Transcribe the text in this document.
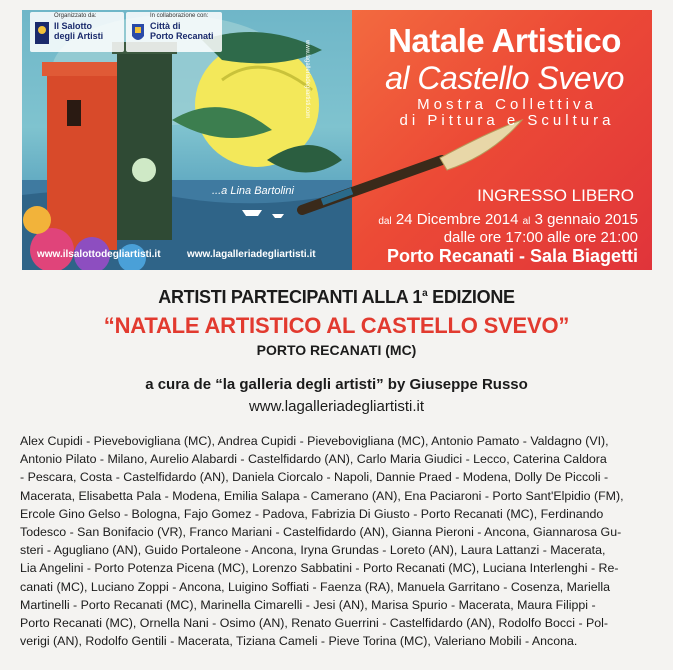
Organizzato da:
Il Salotto
degli Artisti
In collaborazione con:
Città di
Porto Recanati
www.lagalleriadegliartisti.com
...a Lina Bartolini
Natale Artistico
al Castello Svevo
Mostra Collettiva
di Pittura e Scultura
INGRESSO LIBERO
dal 24 Dicembre 2014 al 3 gennaio 2015
dalle ore 17:00 alle ore 21:00
Porto Recanati - Sala Biagetti
www.ilsalottodegliartisti.it	www.lagalleriadegliartisti.it
ARTISTI PARTECIPANTI ALLA 1$^a$ EDIZIONE
“NATALE ARTISTICO AL CASTELLO SVEVO”
PORTO RECANATI (MC)
a cura de “la galleria degli artisti” by Giuseppe Russo
www.lagalleriadegliartisti.it
Alex Cupidi - Pievebovigliana (MC), Andrea Cupidi - Pievebovigliana (MC), Antonio Pamato - Valdagno (VI),
Antonio Pilato - Milano, Aurelio Alabardi - Castelfidardo (AN), Carlo Maria Giudici - Lecco, Caterina Caldora
- Pescara, Costa - Castelfidardo (AN), Daniela Ciorcalo - Napoli, Dannie Praed - Modena, Dolly De Piccoli -
Macerata, Elisabetta Pala - Modena, Emilia Salapa - Camerano (AN), Ena Paciaroni - Porto Sant'Elpidio (FM),
Ercole Gino Gelso - Bologna, Fajo Gomez - Padova, Fabrizia Di Giusto - Porto Recanati (MC), Ferdinando
Todesco - San Bonifacio (VR), Franco Mariani - Castelfidardo (AN), Gianna Pieroni - Ancona, Giannarosa Gu-
steri - Agugliano (AN), Guido Portaleone - Ancona, Iryna Grundas - Loreto (AN), Laura Lattanzi - Macerata,
Lia Angelini - Porto Potenza Picena (MC), Lorenzo Sabbatini - Porto Recanati (MC), Luciana Interlenghi - Re-
canati (MC), Luciano Zoppi - Ancona, Luigino Soffiati - Faenza (RA), Manuela Garritano - Cosenza, Mariella
Martinelli - Porto Recanati (MC), Marinella Cimarelli - Jesi (AN), Marisa Spurio - Macerata, Maura Filippi -
Porto Recanati (MC), Ornella Nani - Osimo (AN), Renato Guerrini - Castelfidardo (AN), Rodolfo Bocci - Pol-
verigi (AN), Rodolfo Gentili - Macerata, Tiziana Cameli - Pieve Torina (MC), Valeriano Mobili - Ancona.
